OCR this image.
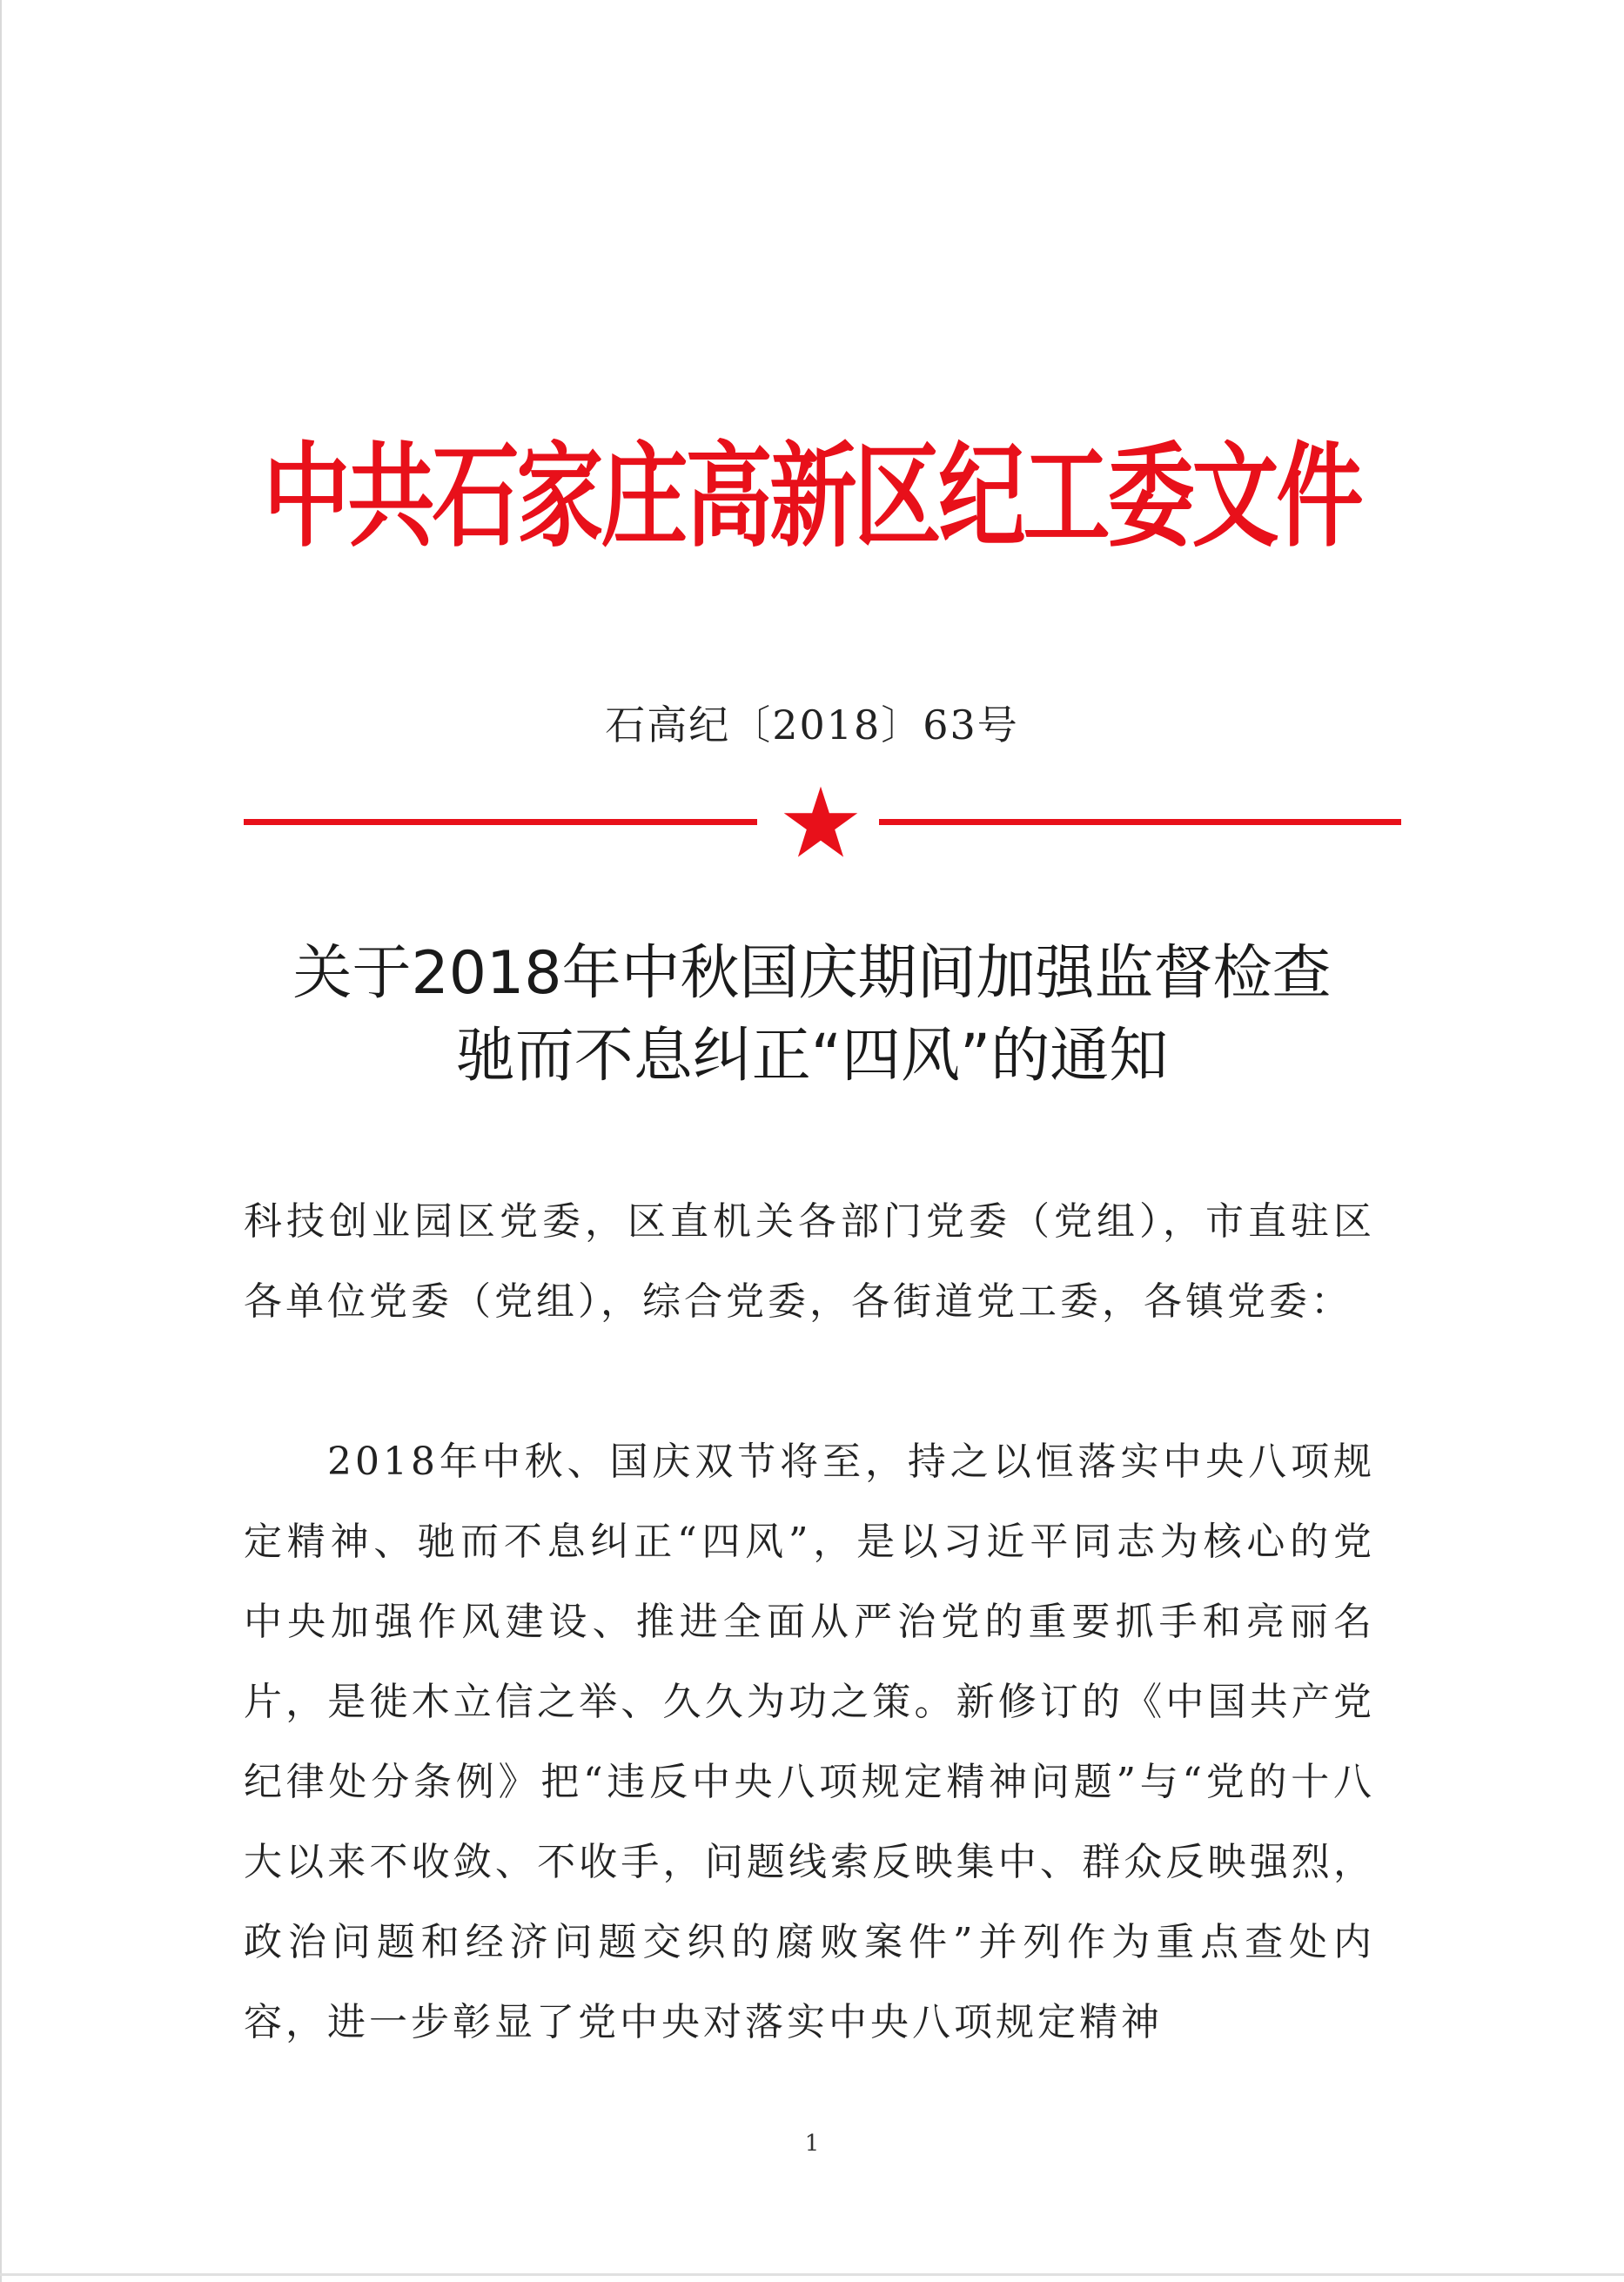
中共石家庄高新区纪工委文件
石高纪〔2018〕63号
关于2018年中秋国庆期间加强监督检查
驰而不息纠正“四风”的通知
科技创业园区党委，区直机关各部门党委（党组），市直驻区各单位党委（党组），综合党委，各街道党工委，各镇党委：
2018年中秋、国庆双节将至，持之以恒落实中央八项规定精神、驰而不息纠正“四风”，是以习近平同志为核心的党中央加强作风建设、推进全面从严治党的重要抓手和亮丽名片，是徙木立信之举、久久为功之策。新修订的《中国共产党纪律处分条例》把“违反中央八项规定精神问题”与“党的十八大以来不收敛、不收手，问题线索反映集中、群众反映强烈，政治问题和经济问题交织的腐败案件”并列作为重点查处内容，进一步彰显了党中央对落实中央八项规定精神
1
